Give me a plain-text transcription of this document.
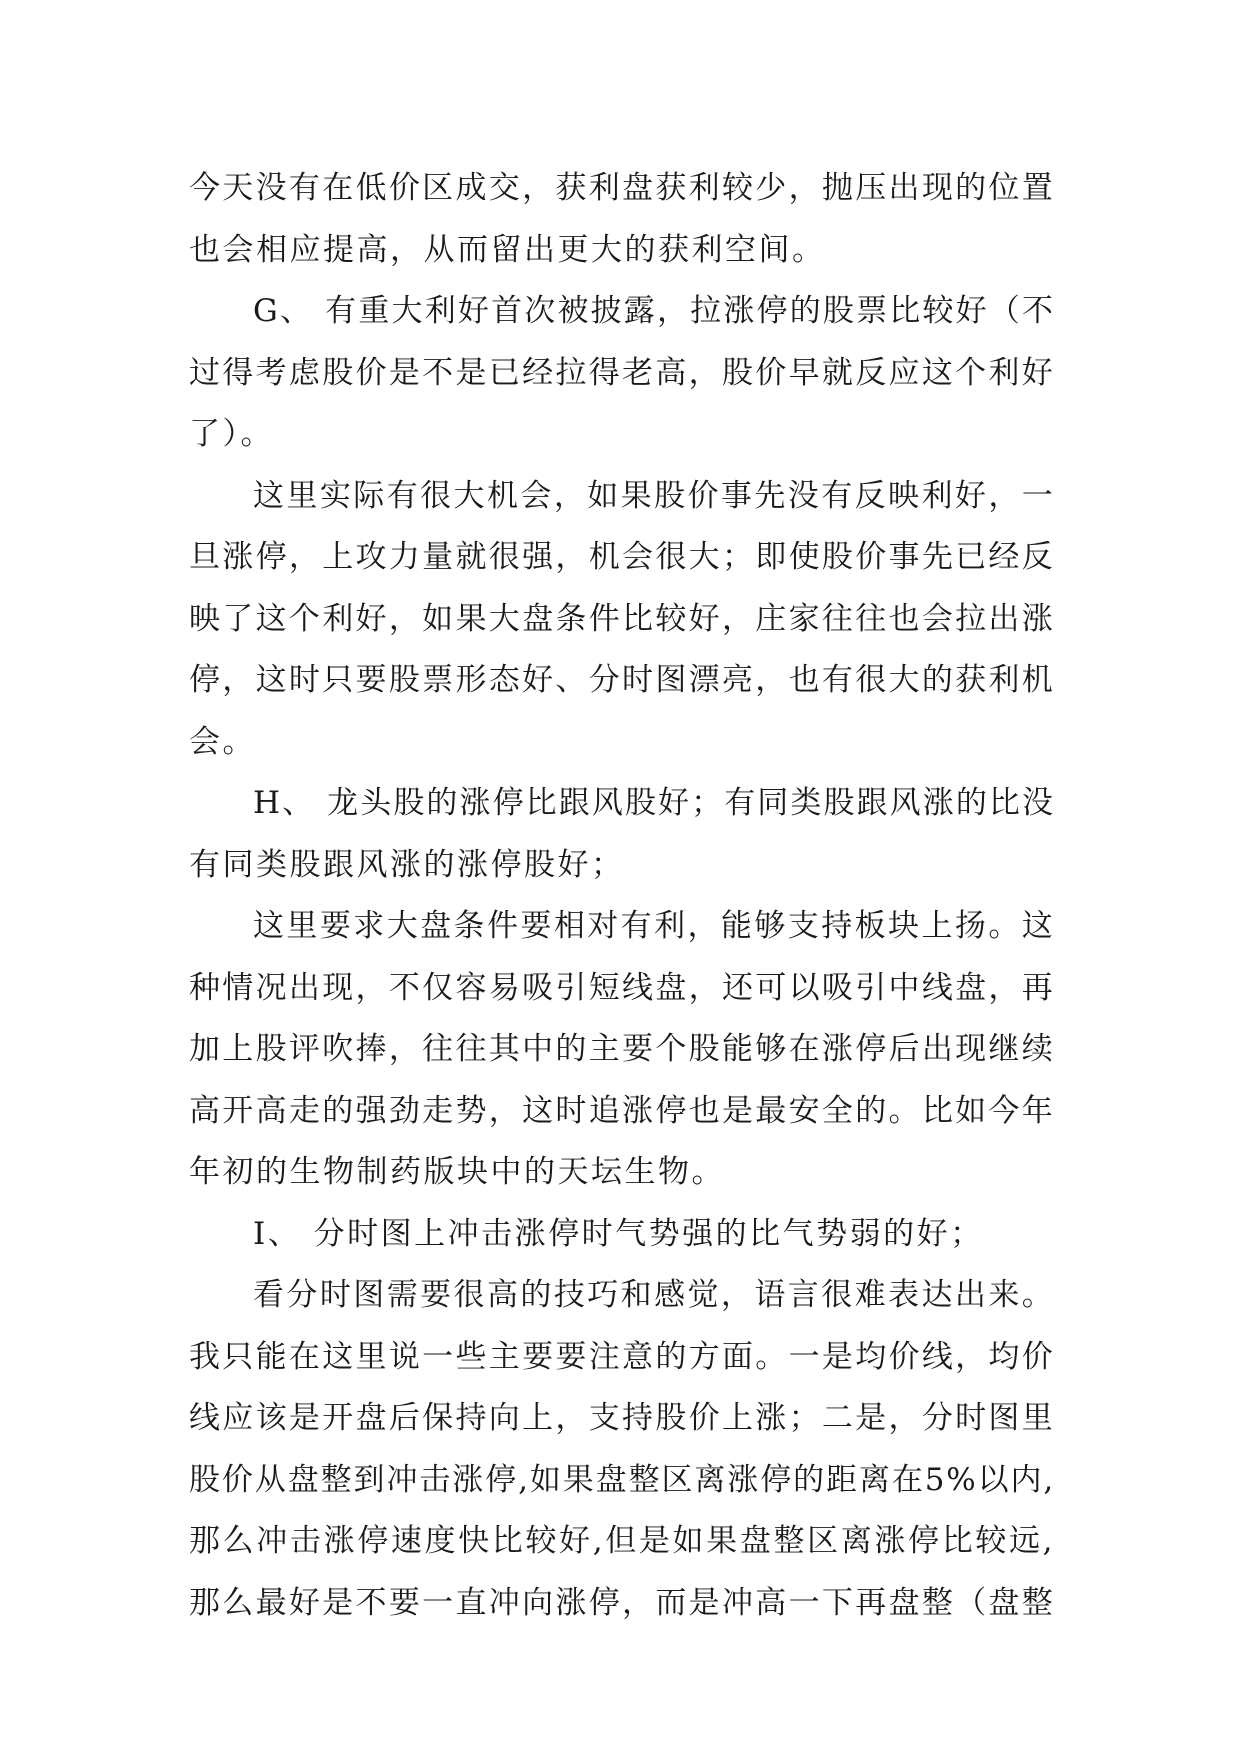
今天没有在低价区成交，获利盘获利较少，抛压出现的位置
也会相应提高，从而留出更大的获利空间。
G、 有重大利好首次被披露，拉涨停的股票比较好（不
过得考虑股价是不是已经拉得老高，股价早就反应这个利好
了）。
这里实际有很大机会，如果股价事先没有反映利好，一
旦涨停，上攻力量就很强，机会很大；即使股价事先已经反
映了这个利好，如果大盘条件比较好，庄家往往也会拉出涨
停，这时只要股票形态好、分时图漂亮，也有很大的获利机
会。
H、 龙头股的涨停比跟风股好；有同类股跟风涨的比没
有同类股跟风涨的涨停股好；
这里要求大盘条件要相对有利，能够支持板块上扬。这
种情况出现，不仅容易吸引短线盘，还可以吸引中线盘，再
加上股评吹捧，往往其中的主要个股能够在涨停后出现继续
高开高走的强劲走势，这时追涨停也是最安全的。比如今年
年初的生物制药版块中的天坛生物。
I、 分时图上冲击涨停时气势强的比气势弱的好；
看分时图需要很高的技巧和感觉，语言很难表达出来。
我只能在这里说一些主要要注意的方面。一是均价线，均价
线应该是开盘后保持向上，支持股价上涨；二是，分时图里
股价从盘整到冲击涨停,如果盘整区离涨停的距离在5%以内,
那么冲击涨停速度快比较好,但是如果盘整区离涨停比较远,
那么最好是不要一直冲向涨停，而是冲高一下再盘整（盘整
